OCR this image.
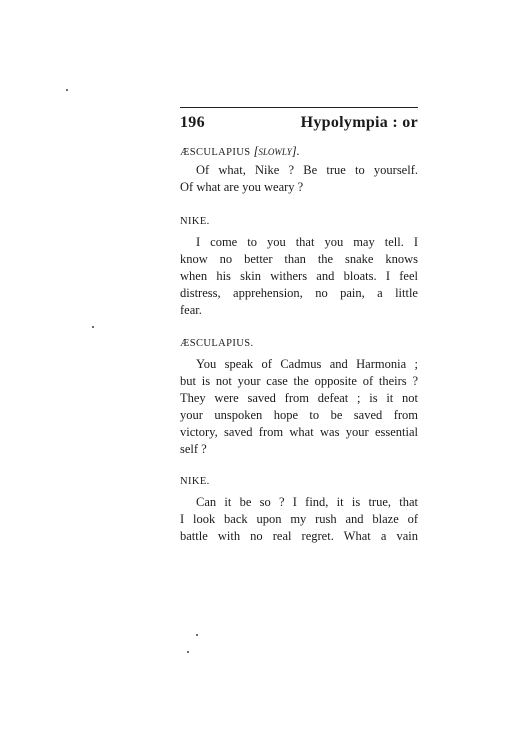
196	Hypolympia : or
ÆSCULAPIUS [slowly].
Of what, Nike ? Be true to yourself.
Of what are you weary ?
NIKE.
I come to you that you may tell. I
know no better than the snake knows
when his skin withers and bloats. I feel
distress, apprehension, no pain, a little
fear.
ÆSCULAPIUS.
You speak of Cadmus and Harmonia ;
but is not your case the opposite of theirs ?
They were saved from defeat ; is it not
your unspoken hope to be saved from
victory, saved from what was your essential
self ?
NIKE.
Can it be so ? I find, it is true, that
I look back upon my rush and blaze of
battle with no real regret. What a vain
